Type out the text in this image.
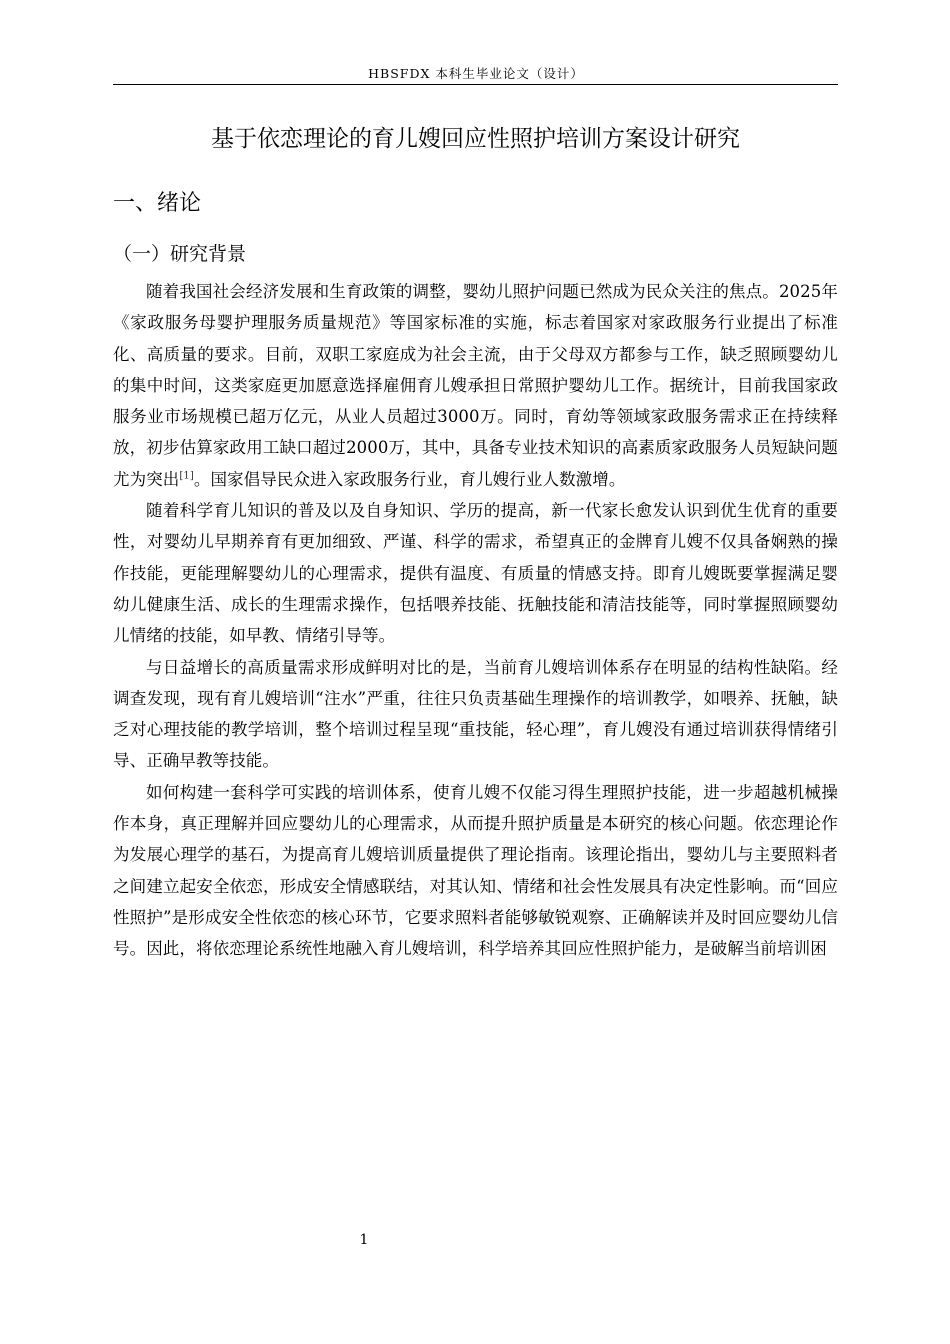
HBSFDX 本科生毕业论文（设计）
基于依恋理论的育儿嫂回应性照护培训方案设计研究
一、绪论
（一）研究背景

随着我国社会经济发展和生育政策的调整，婴幼儿照护问题已然成为民众关注的焦点。2025年《家政服务母婴护理服务质量规范》等国家标准的实施，标志着国家对家政服务行业提出了标准化、高质量的要求。目前，双职工家庭成为社会主流，由于父母双方都参与工作，缺乏照顾婴幼儿的集中时间，这类家庭更加愿意选择雇佣育儿嫂承担日常照护婴幼儿工作。据统计，目前我国家政服务业市场规模已超万亿元，从业人员超过3000万。同时，育幼等领域家政服务需求正在持续释放，初步估算家政用工缺口超过2000万，其中，具备专业技术知识的高素质家政服务人员短缺问题尤为突出[1]。国家倡导民众进入家政服务行业，育儿嫂行业人数激增。

随着科学育儿知识的普及以及自身知识、学历的提高，新一代家长愈发认识到优生优育的重要性，对婴幼儿早期养育有更加细致、严谨、科学的需求，希望真正的金牌育儿嫂不仅具备娴熟的操作技能，更能理解婴幼儿的心理需求，提供有温度、有质量的情感支持。即育儿嫂既要掌握满足婴幼儿健康生活、成长的生理需求操作，包括喂养技能、抚触技能和清洁技能等，同时掌握照顾婴幼儿情绪的技能，如早教、情绪引导等。

与日益增长的高质量需求形成鲜明对比的是，当前育儿嫂培训体系存在明显的结构性缺陷。经调查发现，现有育儿嫂培训“注水”严重，往往只负责基础生理操作的培训教学，如喂养、抚触，缺乏对心理技能的教学培训，整个培训过程呈现“重技能，轻心理”，育儿嫂没有通过培训获得情绪引导、正确早教等技能。

如何构建一套科学可实践的培训体系，使育儿嫂不仅能习得生理照护技能，进一步超越机械操作本身，真正理解并回应婴幼儿的心理需求，从而提升照护质量是本研究的核心问题。依恋理论作为发展心理学的基石，为提高育儿嫂培训质量提供了理论指南。该理论指出，婴幼儿与主要照料者之间建立起安全依恋，形成安全情感联结，对其认知、情绪和社会性发展具有决定性影响。而“回应性照护”是形成安全性依恋的核心环节，它要求照料者能够敏锐观察、正确解读并及时回应婴幼儿信号。因此，将依恋理论系统性地融入育儿嫂培训，科学培养其回应性照护能力，是破解当前培训困

1
